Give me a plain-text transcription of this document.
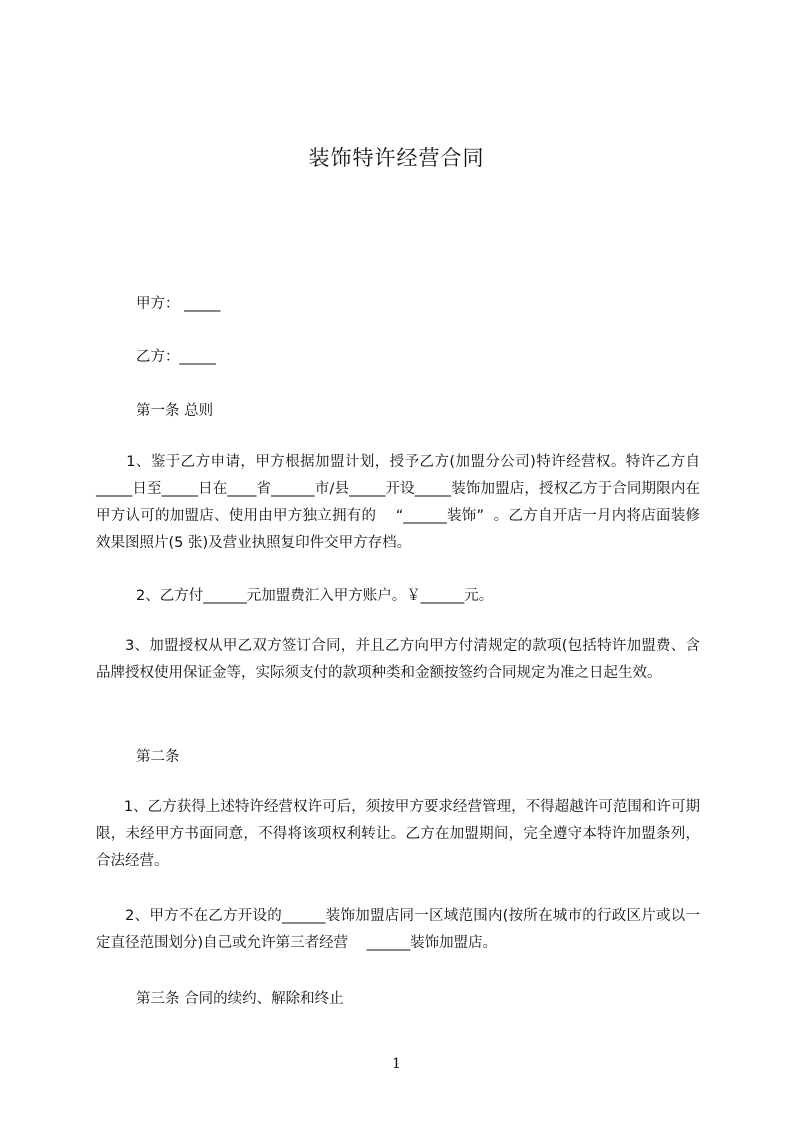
装饰特许经营合同
甲方： _____
乙方：_____
第一条 总则
1、鉴于乙方申请，甲方根据加盟计划，授予乙方(加盟分公司)特许经营权。特许乙方自_____日至_____日在____省______市/县_____开设_____装饰加盟店，授权乙方于合同期限内在甲方认可的加盟店、使用由甲方独立拥有的    “______装饰”  。乙方自开店一月内将店面装修效果图照片(5 张)及营业执照复印件交甲方存档。
2、乙方付______元加盟费汇入甲方账户。￥______元。
3、加盟授权从甲乙双方签订合同，并且乙方向甲方付清规定的款项(包括特许加盟费、含品牌授权使用保证金等，实际须支付的款项种类和金额按签约合同规定为准之日起生效。
第二条
1、乙方获得上述特许经营权许可后，须按甲方要求经营管理，不得超越许可范围和许可期限，未经甲方书面同意，不得将该项权利转让。乙方在加盟期间，完全遵守本特许加盟条列，合法经营。
2、甲方不在乙方开设的______装饰加盟店同一区域范围内(按所在城市的行政区片或以一定直径范围划分)自己或允许第三者经营    ______装饰加盟店。
第三条 合同的续约、解除和终止
1
